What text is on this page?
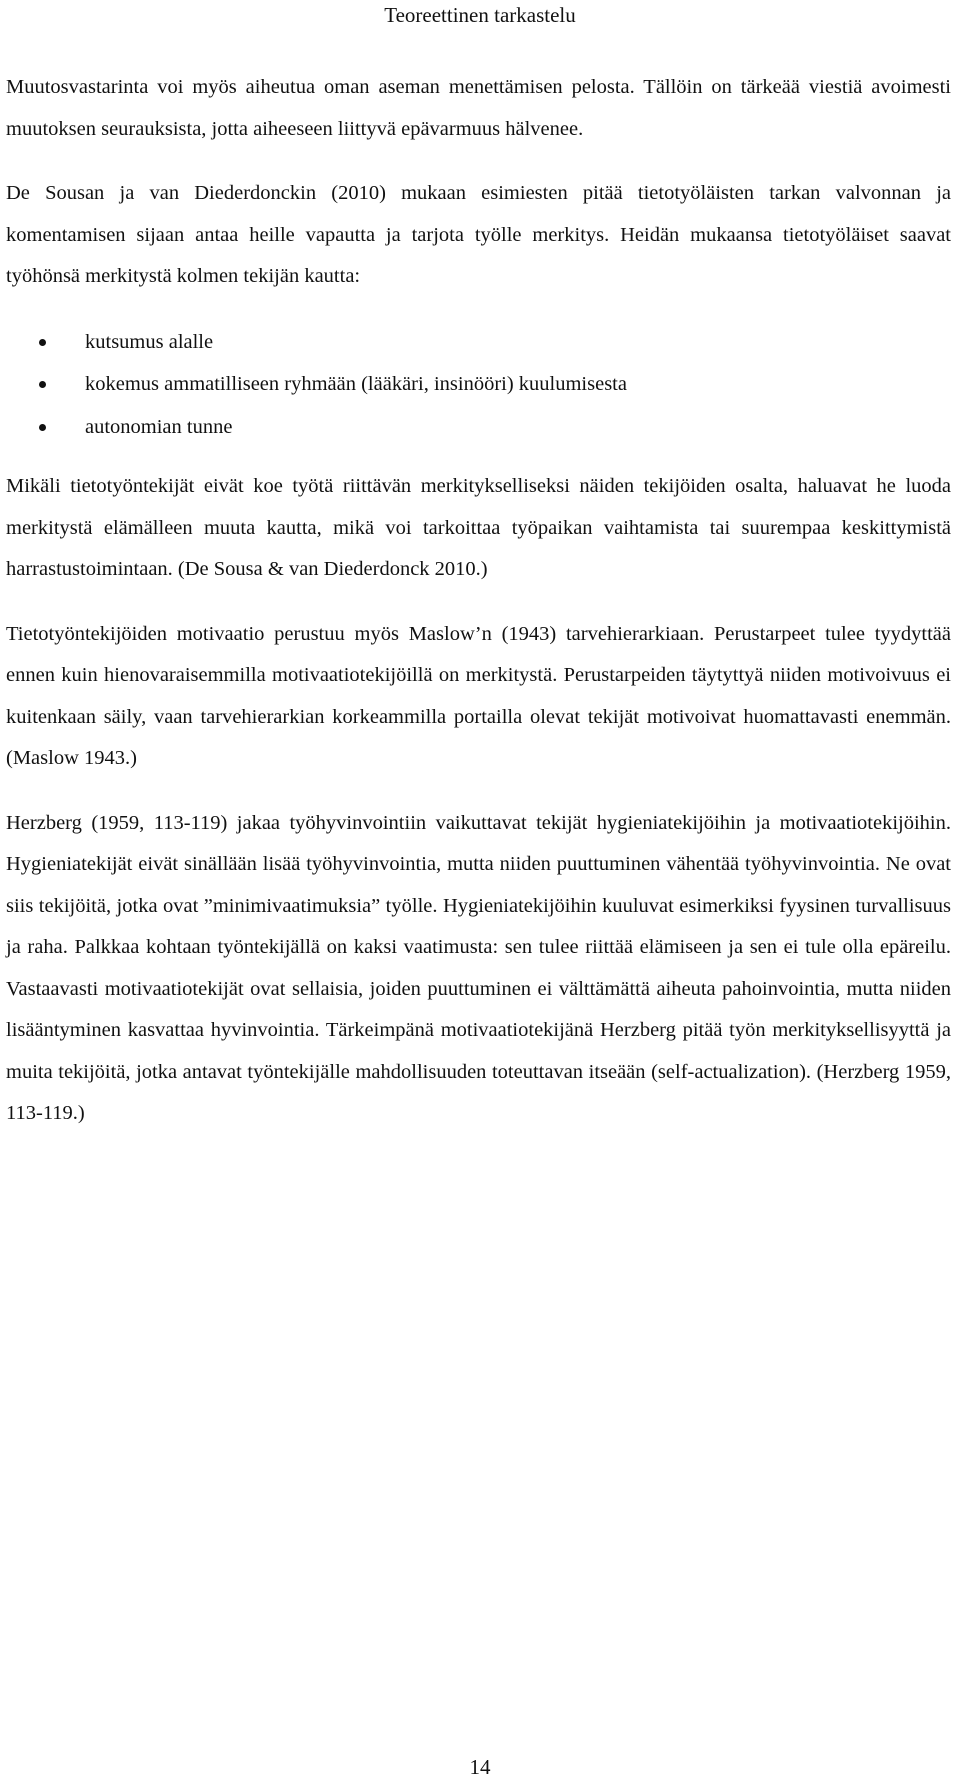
Teoreettinen tarkastelu

Muutosvastarinta voi myös aiheutua oman aseman menettämisen pelosta. Tällöin on tärkeää viestiä avoimesti muutoksen seurauksista, jotta aiheeseen liittyvä epävarmuus hälvenee.

De Sousan ja van Diederdonckin (2010) mukaan esimiesten pitää tietotyöläisten tarkan valvonnan ja komentamisen sijaan antaa heille vapautta ja tarjota työlle merkitys. Heidän mukaansa tietotyöläiset saavat työhönsä merkitystä kolmen tekijän kautta:

kutsumus alalle
kokemus ammatilliseen ryhmään (lääkäri, insinööri) kuulumisesta
autonomian tunne

Mikäli tietotyöntekijät eivät koe työtä riittävän merkitykselliseksi näiden tekijöiden osalta, haluavat he luoda merkitystä elämälleen muuta kautta, mikä voi tarkoittaa työpaikan vaihtamista tai suurempaa keskittymistä harrastustoimintaan. (De Sousa & van Diederdonck 2010.)

Tietotyöntekijöiden motivaatio perustuu myös Maslow’n (1943) tarvehierarkiaan. Perustarpeet tulee tyydyttää ennen kuin hienovaraisemmilla motivaatiotekijöillä on merkitystä. Perustarpeiden täytyttyä niiden motivoivuus ei kuitenkaan säily, vaan tarvehierarkian korkeammilla portailla olevat tekijät motivoivat huomattavasti enemmän. (Maslow 1943.)

Herzberg (1959, 113-119) jakaa työhyvinvointiin vaikuttavat tekijät hygieniatekijöihin ja motivaatiotekijöihin. Hygieniatekijät eivät sinällään lisää työhyvinvointia, mutta niiden puuttuminen vähentää työhyvinvointia. Ne ovat siis tekijöitä, jotka ovat ”minimivaatimuksia” työlle. Hygieniatekijöihin kuuluvat esimerkiksi fyysinen turvallisuus ja raha. Palkkaa kohtaan työntekijällä on kaksi vaatimusta: sen tulee riittää elämiseen ja sen ei tule olla epäreilu. Vastaavasti motivaatiotekijät ovat sellaisia, joiden puuttuminen ei välttämättä aiheuta pahoinvointia, mutta niiden lisääntyminen kasvattaa hyvinvointia. Tärkeimpänä motivaatiotekijänä Herzberg pitää työn merkityksellisyyttä ja muita tekijöitä, jotka antavat työntekijälle mahdollisuuden toteuttavan itseään (self-actualization). (Herzberg 1959, 113-119.)

14
